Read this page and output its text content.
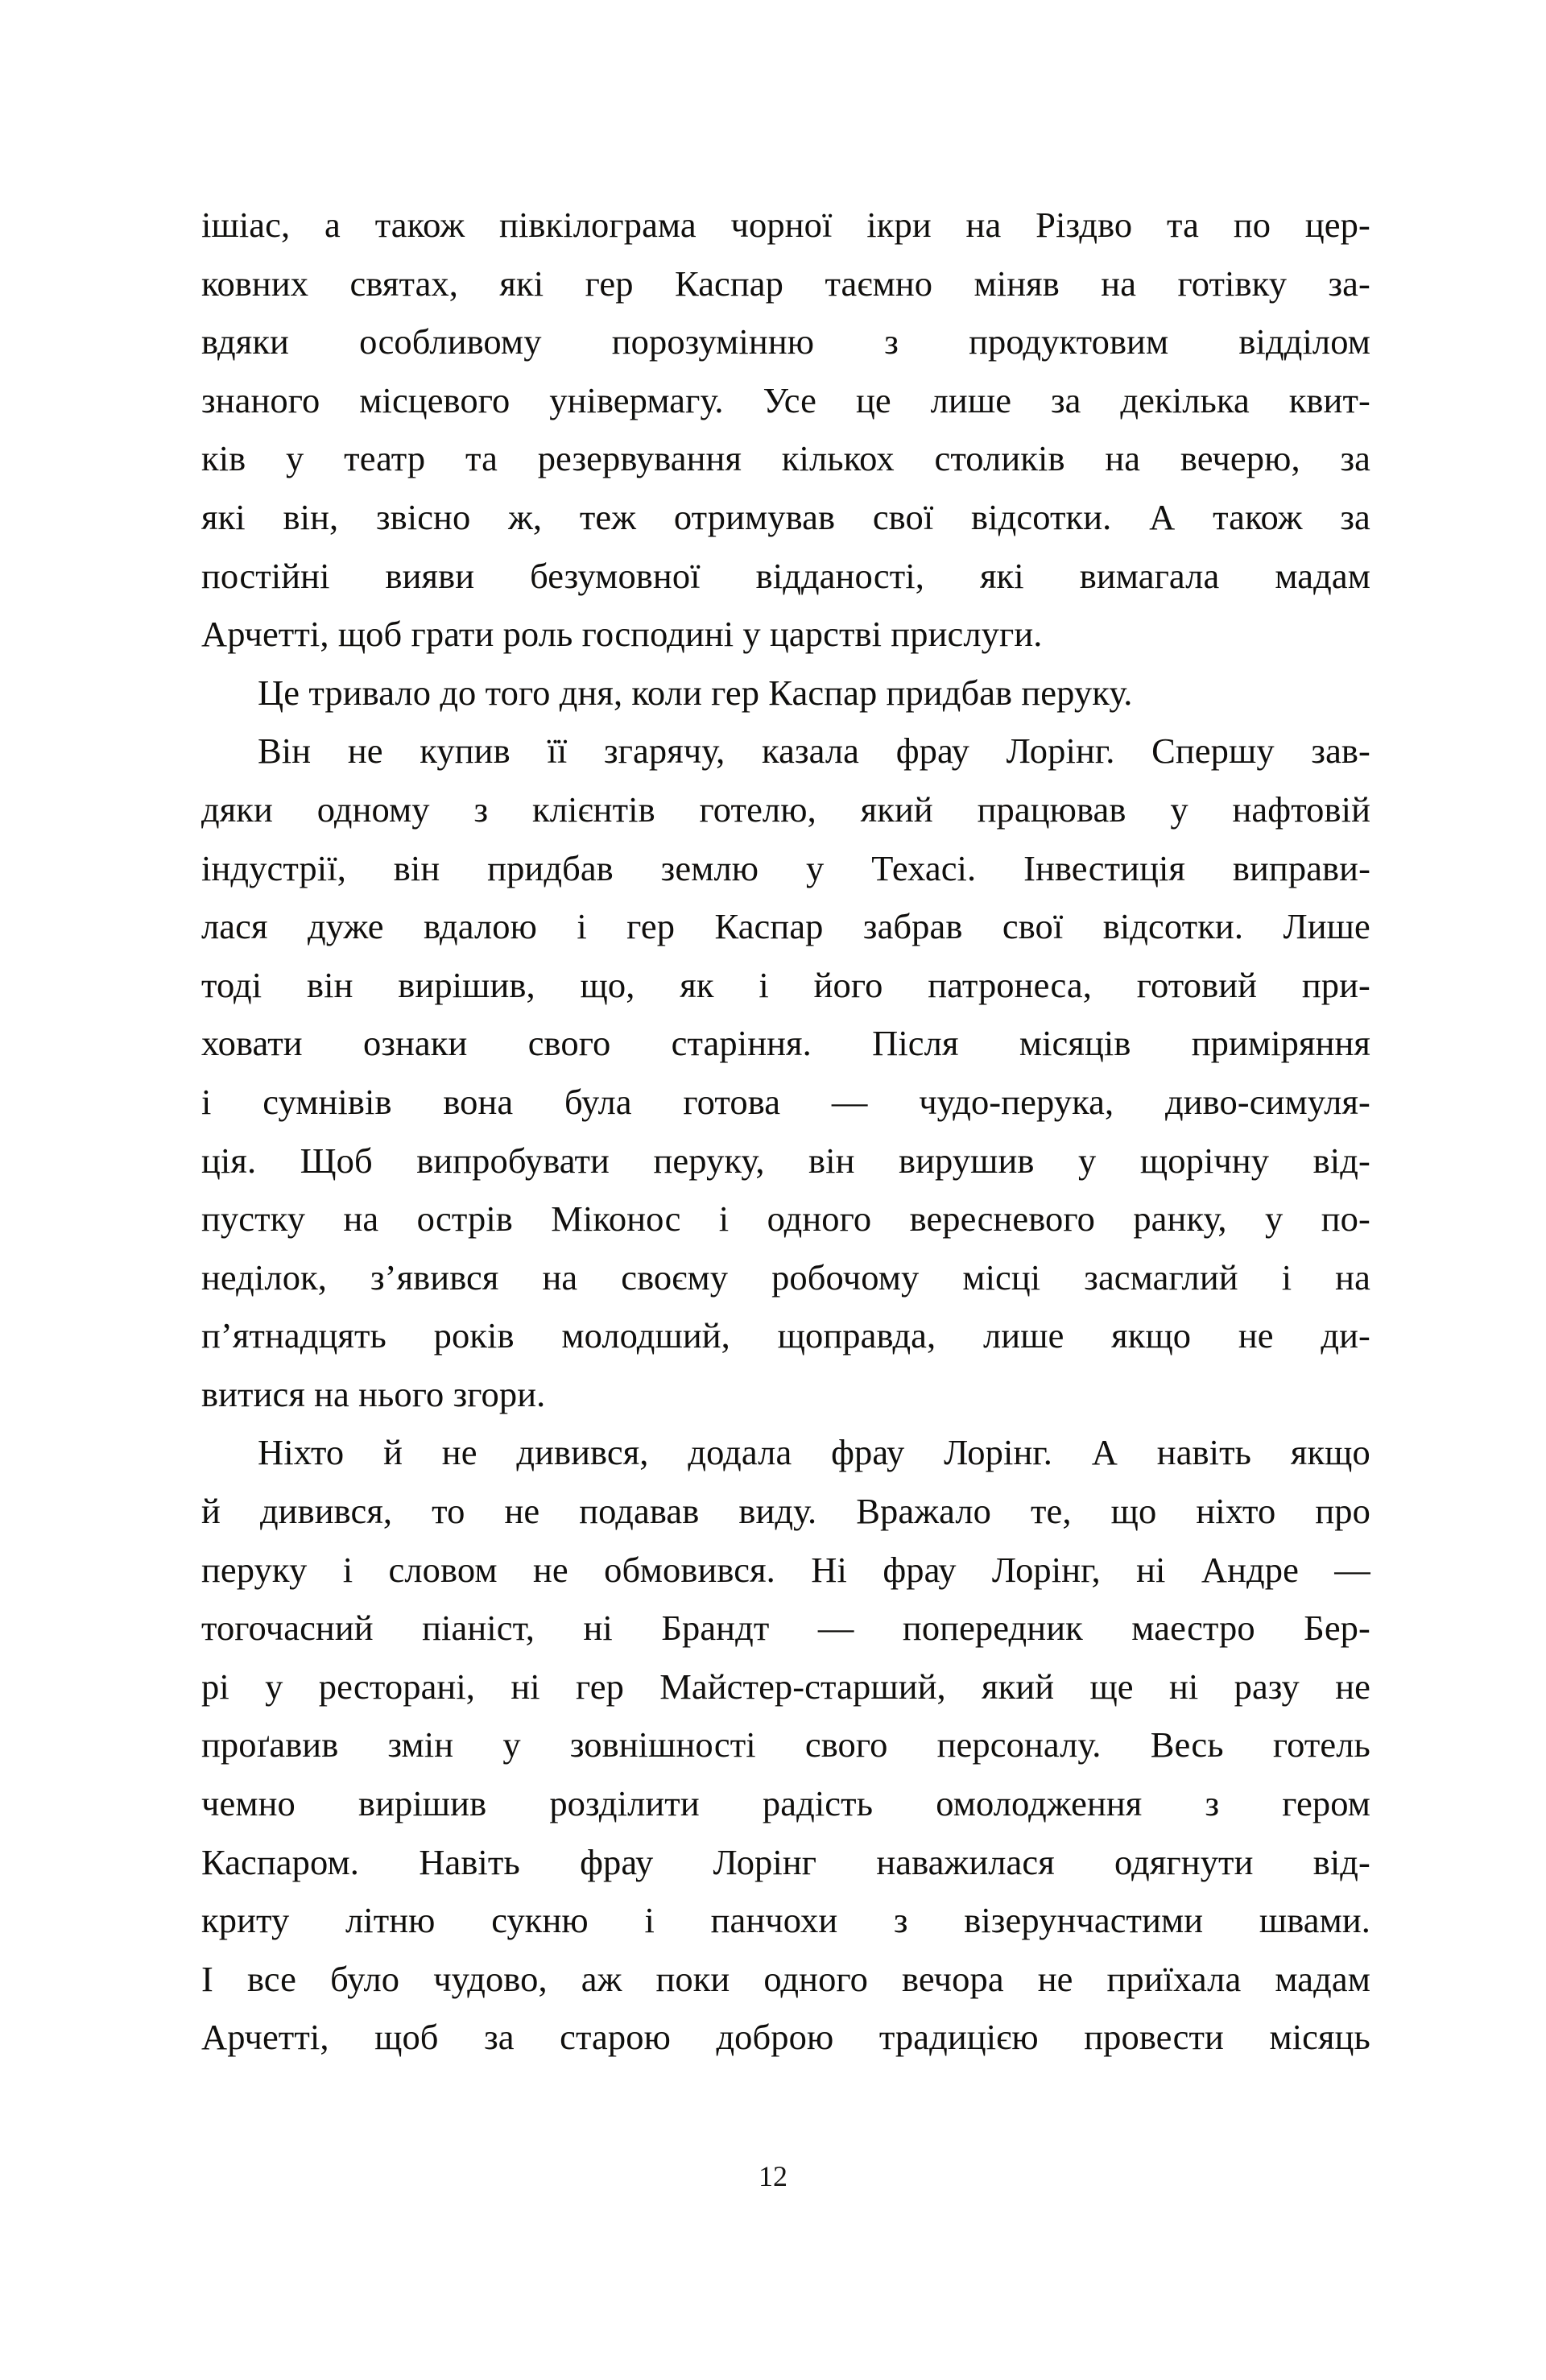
ішіас, а також півкілограма чорної ікри на Різдво та по цер-
ковних святах, які гер Каспар таємно міняв на готівку за-
вдяки особливому порозумінню з продуктовим відділом
знаного місцевого універмагу. Усе це лише за декілька квит-
ків у театр та резервування кількох столиків на вечерю, за
які він, звісно ж, теж отримував свої відсотки. А також за
постійні вияви безумовної відданості, які вимагала мадам
Арчетті, щоб грати роль господині у царстві прислуги.

Це тривало до того дня, коли гер Каспар придбав перуку.

Він не купив її згарячу, казала фрау Лорінг. Спершу зав-
дяки одному з клієнтів готелю, який працював у нафтовій
індустрії, він придбав землю у Техасі. Інвестиція виправи-
лася дуже вдалою і гер Каспар забрав свої відсотки. Лише
тоді він вирішив, що, як і його патронеса, готовий при-
ховати ознаки свого старіння. Після місяців приміряння
і сумнівів вона була готова — чудо-перука, диво-симуля-
ція. Щоб випробувати перуку, він вирушив у щорічну від-
пустку на острів Міконос і одного вересневого ранку, у по-
неділок, з’явився на своєму робочому місці засмаглий і на
п’ятнадцять років молодший, щоправда, лише якщо не ди-
витися на нього згори.

Ніхто й не дивився, додала фрау Лорінг. А навіть якщо
й дивився, то не подавав виду. Вражало те, що ніхто про
перуку і словом не обмовився. Ні фрау Лорінг, ні Андре —
тогочасний піаніст, ні Брандт — попередник маестро Бер-
рі у ресторані, ні гер Майстер-старший, який ще ні разу не
проґавив змін у зовнішності свого персоналу. Весь готель
чемно вирішив розділити радість омолодження з гером
Каспаром. Навіть фрау Лорінг наважилася одягнути від-
криту літню сукню і панчохи з візерунчастими швами.
І все було чудово, аж поки одного вечора не приїхала мадам
Арчетті, щоб за старою доброю традицією провести місяць

12
